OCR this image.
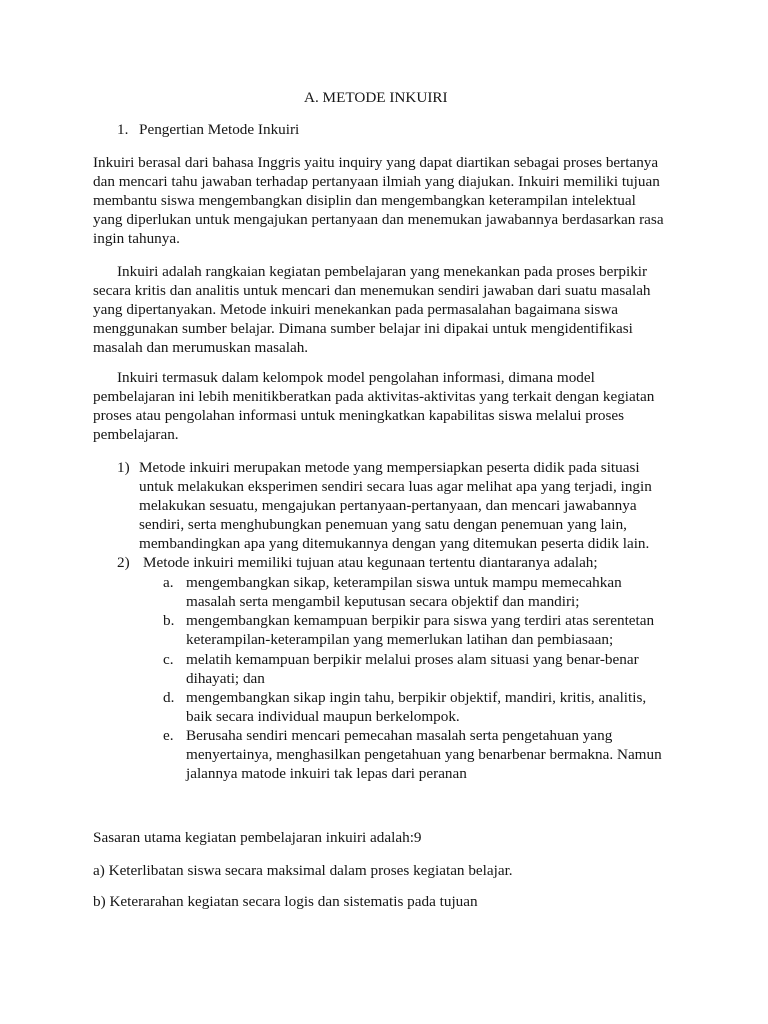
A. METODE INKUIRI
1. Pengertian Metode Inkuiri
Inkuiri berasal dari bahasa Inggris yaitu inquiry yang dapat diartikan sebagai proses bertanya
dan mencari tahu jawaban terhadap pertanyaan ilmiah yang diajukan. Inkuiri memiliki tujuan
membantu siswa mengembangkan disiplin dan mengembangkan keterampilan intelektual
yang diperlukan untuk mengajukan pertanyaan dan menemukan jawabannya berdasarkan rasa
ingin tahunya.
Inkuiri adalah rangkaian kegiatan pembelajaran yang menekankan pada proses berpikir
secara kritis dan analitis untuk mencari dan menemukan sendiri jawaban dari suatu masalah
yang dipertanyakan. Metode inkuiri menekankan pada permasalahan bagaimana siswa
menggunakan sumber belajar. Dimana sumber belajar ini dipakai untuk mengidentifikasi
masalah dan merumuskan masalah.
Inkuiri termasuk dalam kelompok model pengolahan informasi, dimana model
pembelajaran ini lebih menitikberatkan pada aktivitas-aktivitas yang terkait dengan kegiatan
proses atau pengolahan informasi untuk meningkatkan kapabilitas siswa melalui proses
pembelajaran.
1) Metode inkuiri merupakan metode yang mempersiapkan peserta didik pada situasi
untuk melakukan eksperimen sendiri secara luas agar melihat apa yang terjadi, ingin
melakukan sesuatu, mengajukan pertanyaan-pertanyaan, dan mencari jawabannya
sendiri, serta menghubungkan penemuan yang satu dengan penemuan yang lain,
membandingkan apa yang ditemukannya dengan yang ditemukan peserta didik lain.
2) Metode inkuiri memiliki tujuan atau kegunaan tertentu diantaranya adalah;
a. mengembangkan sikap, keterampilan siswa untuk mampu memecahkan
masalah serta mengambil keputusan secara objektif dan mandiri;
b. mengembangkan kemampuan berpikir para siswa yang terdiri atas serentetan
keterampilan-keterampilan yang memerlukan latihan dan pembiasaan;
c. melatih kemampuan berpikir melalui proses alam situasi yang benar-benar
dihayati; dan
d. mengembangkan sikap ingin tahu, berpikir objektif, mandiri, kritis, analitis,
baik secara individual maupun berkelompok.
e. Berusaha sendiri mencari pemecahan masalah serta pengetahuan yang
menyertainya, menghasilkan pengetahuan yang benarbenar bermakna. Namun
jalannya matode inkuiri tak lepas dari peranan
Sasaran utama kegiatan pembelajaran inkuiri adalah:9
a) Keterlibatan siswa secara maksimal dalam proses kegiatan belajar.
b) Keterarahan kegiatan secara logis dan sistematis pada tujuan
